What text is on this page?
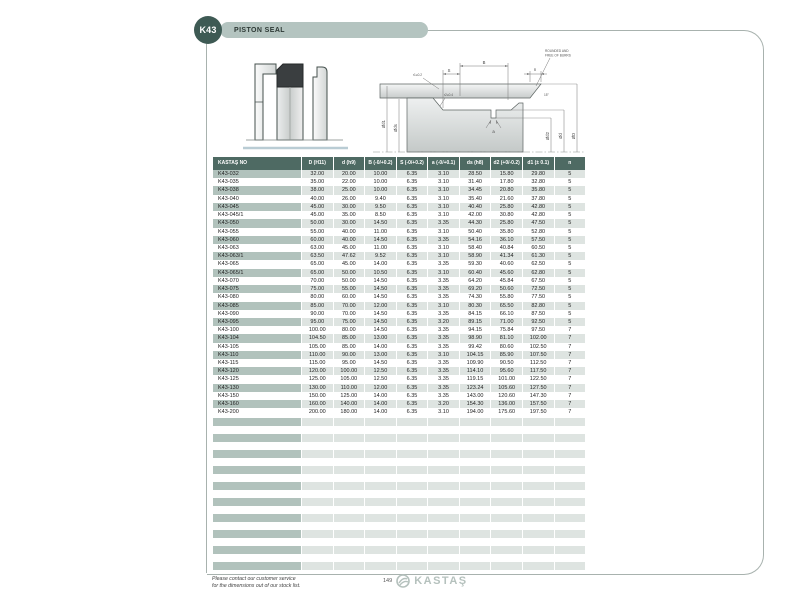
K43	PISTON SEAL
S
B
n
15°
ROUNDED AND
FREE OF BURRS
r1≤0.2
r2≤0.4
a
Ød1
Øds
Ød2 Ød ØD
KASTAŞ NO	D (H11)	d (h9)	B (-0/+0.2)	S (-0/+0.2)	a (-0/+0.1)	ds (h8)	d2 (+0/-0.2)	d1 (± 0.1)	n
K43-032	32.00	20.00	10.00	6.35	3.10	28.50	15.80	29.80	5
K43-035	35.00	22.00	10.00	6.35	3.10	31.40	17.80	32.80	5
K43-038	38.00	25.00	10.00	6.35	3.10	34.45	20.80	35.80	5
K43-040	40.00	26.00	9.40	6.35	3.10	35.40	21.60	37.80	5
K43-045	45.00	30.00	9.50	6.35	3.10	40.40	25.80	42.80	5
K43-045/1	45.00	35.00	8.50	6.35	3.10	42.00	30.80	42.80	5
K43-050	50.00	30.00	14.50	6.35	3.35	44.30	25.80	47.50	5
K43-055	55.00	40.00	11.00	6.35	3.10	50.40	35.80	52.80	5
K43-060	60.00	40.00	14.50	6.35	3.35	54.16	36.10	57.50	5
K43-063	63.00	45.00	11.00	6.35	3.10	58.40	40.84	60.50	5
K43-063/1	63.50	47.62	9.52	6.35	3.10	58.90	41.34	61.30	5
K43-065	65.00	45.00	14.00	6.35	3.35	59.30	40.60	62.50	5
K43-065/1	65.00	50.00	10.50	6.35	3.10	60.40	45.60	62.80	5
K43-070	70.00	50.00	14.50	6.35	3.35	64.20	45.84	67.50	5
K43-075	75.00	55.00	14.50	6.35	3.35	69.20	50.60	72.50	5
K43-080	80.00	60.00	14.50	6.35	3.35	74.30	55.80	77.50	5
K43-085	85.00	70.00	12.00	6.35	3.10	80.30	65.50	82.80	5
K43-090	90.00	70.00	14.50	6.35	3.35	84.15	66.10	87.50	5
K43-095	95.00	75.00	14.50	6.35	3.20	89.15	71.00	92.50	5
K43-100	100.00	80.00	14.50	6.35	3.35	94.15	75.84	97.50	7
K43-104	104.50	85.00	13.00	6.35	3.35	98.90	81.10	102.00	7
K43-105	105.00	85.00	14.00	6.35	3.35	99.42	80.60	102.50	7
K43-110	110.00	90.00	13.00	6.35	3.10	104.15	85.90	107.50	7
K43-115	115.00	95.00	14.50	6.35	3.35	109.90	90.50	112.50	7
K43-120	120.00	100.00	12.50	6.35	3.35	114.10	95.60	117.50	7
K43-125	125.00	105.00	12.50	6.35	3.35	119.15	101.00	122.50	7
K43-130	130.00	110.00	12.00	6.35	3.35	123.24	105.60	127.50	7
K43-150	150.00	125.00	14.00	6.35	3.35	143.00	120.60	147.30	7
K43-160	160.00	140.00	14.00	6.35	3.20	154.30	136.00	157.50	7
K43-200	200.00	180.00	14.00	6.35	3.10	194.00	175.60	197.50	7
Please contact our customer service
for the dimensions out of our stock list.
149 KASTAŞ
